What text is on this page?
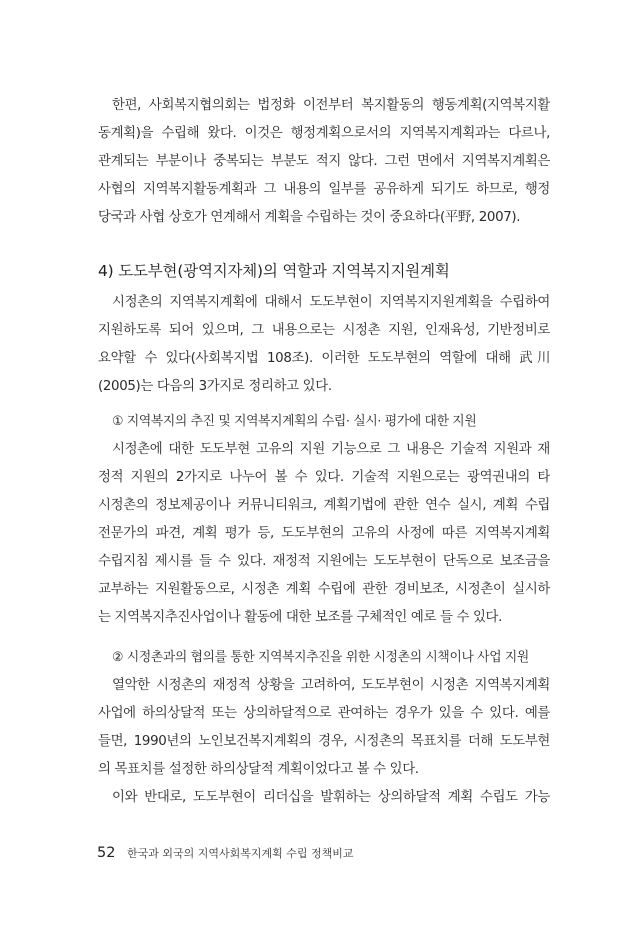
한편, 사회복지협의회는 법정화 이전부터 복지활동의 행동계획(지역복지활
동계획)을 수립해 왔다. 이것은 행정계획으로서의 지역복지계획과는 다르나,
관계되는 부분이나 중복되는 부분도 적지 않다. 그런 면에서 지역복지계획은
사협의 지역복지활동계획과 그 내용의 일부를 공유하게 되기도 하므로, 행정
당국과 사협 상호가 연계해서 계획을 수립하는 것이 중요하다(平野, 2007).
4) 도도부현(광역지자체)의 역할과 지역복지지원계획
시정촌의 지역복지계획에 대해서 도도부현이 지역복지지원계획을 수립하여
지원하도록 되어 있으며, 그 내용으로는 시정촌 지원, 인재육성, 기반정비로
요약할 수 있다(사회복지법 108조). 이러한 도도부현의 역할에 대해 武川
(2005)는 다음의 3가지로 정리하고 있다.
① 지역복지의 추진 및 지역복지계획의 수립· 실시· 평가에 대한 지원
시정촌에 대한 도도부현 고유의 지원 기능으로 그 내용은 기술적 지원과 재
정적 지원의 2가지로 나누어 볼 수 있다. 기술적 지원으로는 광역권내의 타
시정촌의 정보제공이나 커뮤니티워크, 계획기법에 관한 연수 실시, 계획 수립
전문가의 파견, 계획 평가 등, 도도부현의 고유의 사정에 따른 지역복지계획
수립지침 제시를 들 수 있다. 재정적 지원에는 도도부현이 단독으로 보조금을
교부하는 지원활동으로, 시정촌 계획 수립에 관한 경비보조, 시정촌이 실시하
는 지역복지추진사업이나 활동에 대한 보조를 구체적인 예로 들 수 있다.
② 시정촌과의 협의를 통한 지역복지추진을 위한 시정촌의 시책이나 사업 지원
열악한 시정촌의 재정적 상황을 고려하여, 도도부현이 시정촌 지역복지계획
사업에 하의상달적 또는 상의하달적으로 관여하는 경우가 있을 수 있다. 예를
들면, 1990년의 노인보건복지계획의 경우, 시정촌의 목표치를 더해 도도부현
의 목표치를 설정한 하의상달적 계획이었다고 볼 수 있다.
이와 반대로, 도도부현이 리더십을 발휘하는 상의하달적 계획 수립도 가능
52 한국과 외국의 지역사회복지계획 수립 정책비교
